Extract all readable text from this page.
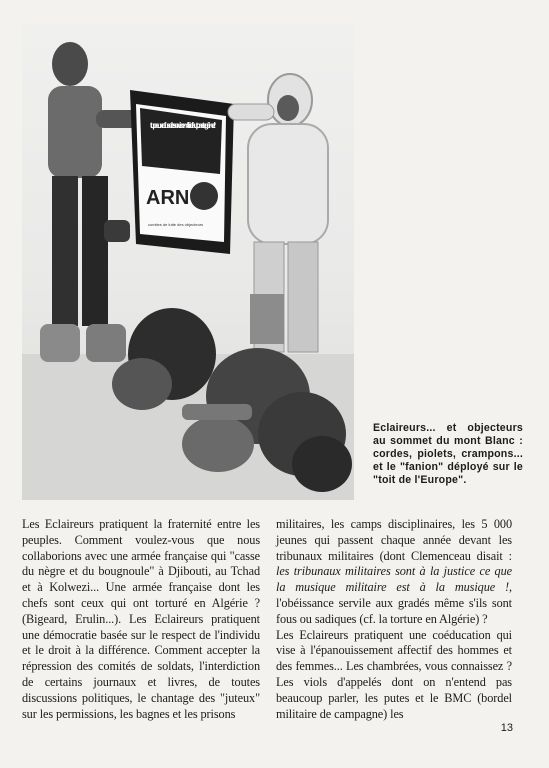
tu peux refuser le service militaire faut pas te gêner !
ARN
comites de lutte des objecteurs

Eclaireurs... et objecteurs au sommet du mont Blanc : cordes, piolets, crampons... et le "fanion" déployé sur le "toit de l'Europe".

Les Eclaireurs pratiquent la fraternité entre les peuples. Comment voulez-vous que nous collaborions avec une armée française qui "casse du nègre et du bougnoule" à Djibouti, au Tchad et à Kolwezi... Une armée française dont les chefs sont ceux qui ont torturé en Algérie ? (Bigeard, Erulin...). Les Eclaireurs pratiquent une démocratie basée sur le respect de l'individu et le droit à la différence. Comment accepter la répression des comités de soldats, l'interdiction de certains journaux et livres, de toutes discussions politiques, le chantage des "juteux" sur les permissions, les bagnes et les prisons

militaires, les camps disciplinaires, les 5 000 jeunes qui passent chaque année devant les tribunaux militaires (dont Clemenceau disait : les tribunaux militaires sont à la justice ce que la musique militaire est à la musique !, l'obéissance servile aux gradés même s'ils sont fous ou sadiques (cf. la torture en Algérie) ?

Les Eclaireurs pratiquent une coéducation qui vise à l'épanouissement affectif des hommes et des femmes... Les chambrées, vous connaissez ? Les viols d'appelés dont on n'entend pas beaucoup parler, les putes et le BMC (bordel militaire de campagne) les

13
